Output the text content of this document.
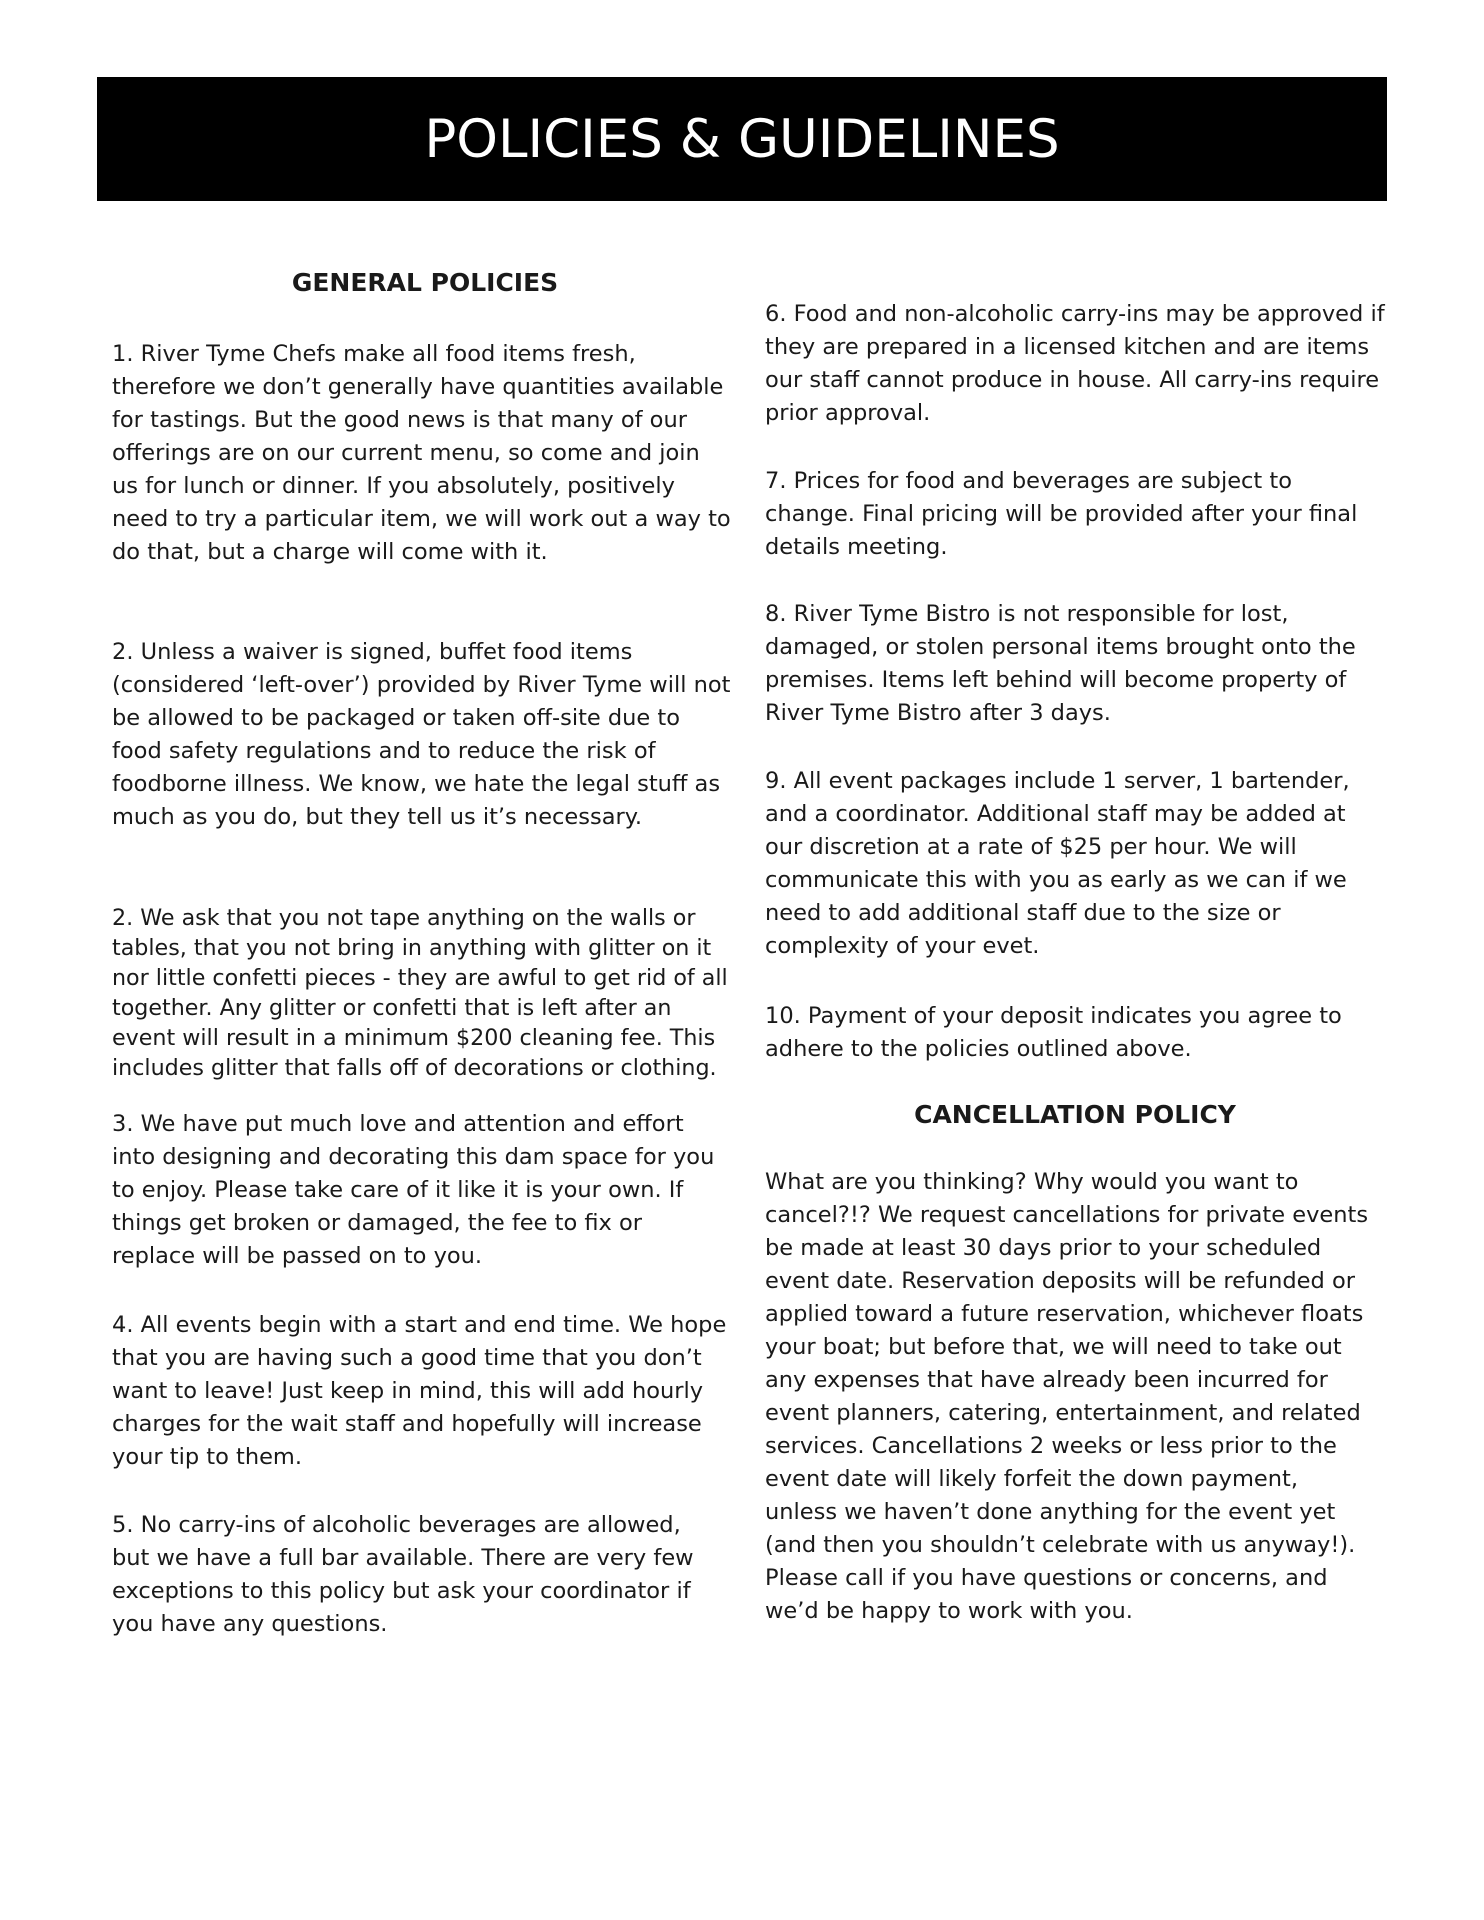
POLICIES & GUIDELINES
GENERAL POLICIES

1. River Tyme Chefs make all food items fresh, therefore we don’t generally have quantities available for tastings. But the good news is that many of our offerings are on our current menu, so come and join us for lunch or dinner. If you absolutely, positively need to try a particular item, we will work out a way to do that, but a charge will come with it.

2. Unless a waiver is signed, buffet food items (considered ‘left-over’) provided by River Tyme will not be allowed to be packaged or taken off-site due to food safety regulations and to reduce the risk of foodborne illness. We know, we hate the legal stuff as much as you do, but they tell us it’s necessary.

2. We ask that you not tape anything on the walls or tables, that you not bring in anything with glitter on it nor little confetti pieces - they are awful to get rid of all together. Any glitter or confetti that is left after an event will result in a minimum $200 cleaning fee. This includes glitter that falls off of decorations or clothing.

3. We have put much love and attention and effort into designing and decorating this dam space for you to enjoy. Please take care of it like it is your own. If things get broken or damaged, the fee to fix or replace will be passed on to you.

4. All events begin with a start and end time. We hope that you are having such a good time that you don’t want to leave! Just keep in mind, this will add hourly charges for the wait staff and hopefully will increase your tip to them.

5. No carry-ins of alcoholic beverages are allowed, but we have a full bar available. There are very few exceptions to this policy but ask your coordinator if you have any questions.

6. Food and non-alcoholic carry-ins may be approved if they are prepared in a licensed kitchen and are items our staff cannot produce in house. All carry-ins require prior approval.

7. Prices for food and beverages are subject to change. Final pricing will be provided after your final details meeting.

8. River Tyme Bistro is not responsible for lost, damaged, or stolen personal items brought onto the premises. Items left behind will become property of River Tyme Bistro after 3 days.

9. All event packages include 1 server, 1 bartender, and a coordinator. Additional staff may be added at our discretion at a rate of $25 per hour. We will communicate this with you as early as we can if we need to add additional staff due to the size or complexity of your evet.

10. Payment of your deposit indicates you agree to adhere to the policies outlined above.

CANCELLATION POLICY

What are you thinking? Why would you want to cancel?!? We request cancellations for private events be made at least 30 days prior to your scheduled event date. Reservation deposits will be refunded or applied toward a future reservation, whichever floats your boat; but before that, we will need to take out any expenses that have already been incurred for event planners, catering, entertainment, and related services. Cancellations 2 weeks or less prior to the event date will likely forfeit the down payment, unless we haven’t done anything for the event yet (and then you shouldn’t celebrate with us anyway!). Please call if you have questions or concerns, and we’d be happy to work with you.
